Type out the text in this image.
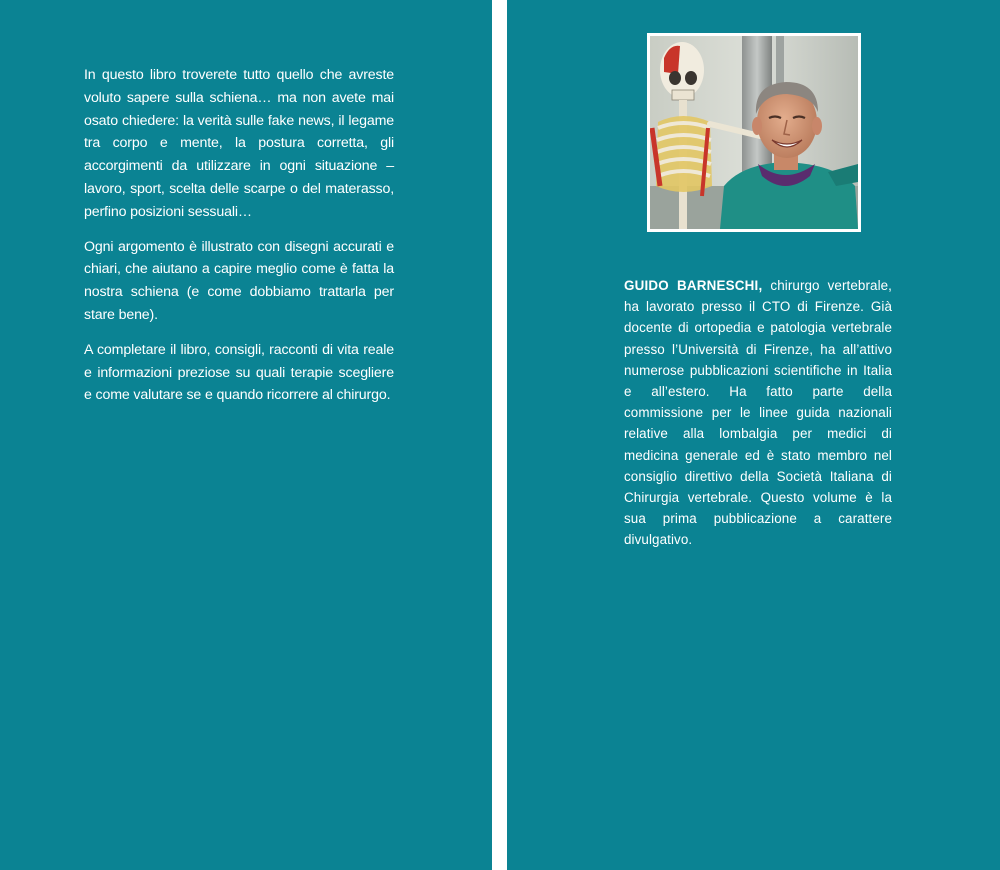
In questo libro troverete tutto quello che avreste voluto sapere sulla schiena… ma non avete mai osato chiedere: la verità sulle fake news, il legame tra corpo e mente, la postura corretta, gli accorgimenti da utilizzare in ogni situazione – lavoro, sport, scelta delle scarpe o del materasso, perfino posizioni sessuali…

Ogni argomento è illustrato con disegni accurati e chiari, che aiutano a capire meglio come è fatta la nostra schiena (e come dobbiamo trattarla per stare bene).

A completare il libro, consigli, racconti di vita reale e informazioni preziose su quali terapie scegliere e come valutare se e quando ricorrere al chirurgo.

GUIDO BARNESCHI, chirurgo vertebrale, ha lavorato presso il CTO di Firenze. Già docente di ortopedia e patologia vertebrale presso l’Università di Firenze, ha all’attivo numerose pubblicazioni scientifiche in Italia e all’estero. Ha fatto parte della commissione per le linee guida nazionali relative alla lombalgia per medici di medicina generale ed è stato membro nel consiglio direttivo della Società Italiana di Chirurgia vertebrale. Questo volume è la sua prima pubblicazione a carattere divulgativo.
